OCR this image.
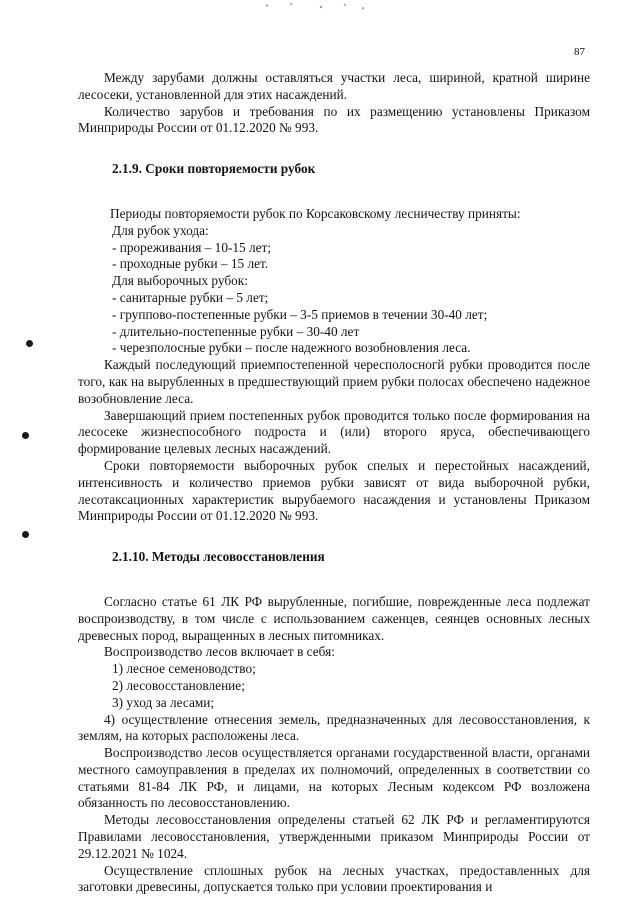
87

Между зарубами должны оставляться участки леса, шириной, кратной ширине лесосеки, установленной для этих насаждений.

Количество зарубов и требования по их размещению установлены Приказом Минприроды России от 01.12.2020 № 993.

2.1.9. Сроки повторяемости рубок

Периоды повторяемости рубок по Корсаковскому лесничеству приняты:

Для рубок ухода:

- прореживания – 10-15 лет;

- проходные рубки – 15 лет.

Для выборочных рубок:

- санитарные рубки – 5 лет;

- группово-постепенные рубки – 3-5 приемов в течении 30-40 лет;

- длительно-постепенные рубки – 30-40 лет

- черезполосные рубки – после надежного возобновления леса.

Каждый последующий приемпостепенной чересполосногй рубки проводится после того, как на вырубленных в предшествующий прием рубки полосах обеспечено надежное возобновление леса.

Завершающий прием постепенных рубок проводится только после формирования на лесосеке жизнеспособного подроста и (или) второго яруса, обеспечивающего формирование целевых лесных насаждений.

Сроки повторяемости выборочных рубок спелых и перестойных насаждений, интенсивность и количество приемов рубки зависят от вида выборочной рубки, лесотаксационных характеристик вырубаемого насаждения и установлены Приказом Минприроды России от 01.12.2020 № 993.

2.1.10. Методы лесовосстановления

Согласно статье 61 ЛК РФ вырубленные, погибшие, поврежденные леса подлежат воспроизводству, в том числе с использованием саженцев, сеянцев основных лесных древесных пород, выращенных в лесных питомниках.

Воспроизводство лесов включает в себя:

1) лесное семеноводство;

2) лесовосстановление;

3) уход за лесами;

4) осуществление отнесения земель, предназначенных для лесовосстановления, к землям, на которых расположены леса.

Воспроизводство лесов осуществляется органами государственной власти, органами местного самоуправления в пределах их полномочий, определенных в соответствии со статьями 81-84 ЛК РФ, и лицами, на которых Лесным кодексом РФ возложена обязанность по лесовосстановлению.

Методы лесовосстановления определены статьей 62 ЛК РФ и регламентируются Правилами лесовосстановления, утвержденными приказом Минприроды России от 29.12.2021 № 1024.

Осуществление сплошных рубок на лесных участках, предоставленных для заготовки древесины, допускается только при условии проектирования и
